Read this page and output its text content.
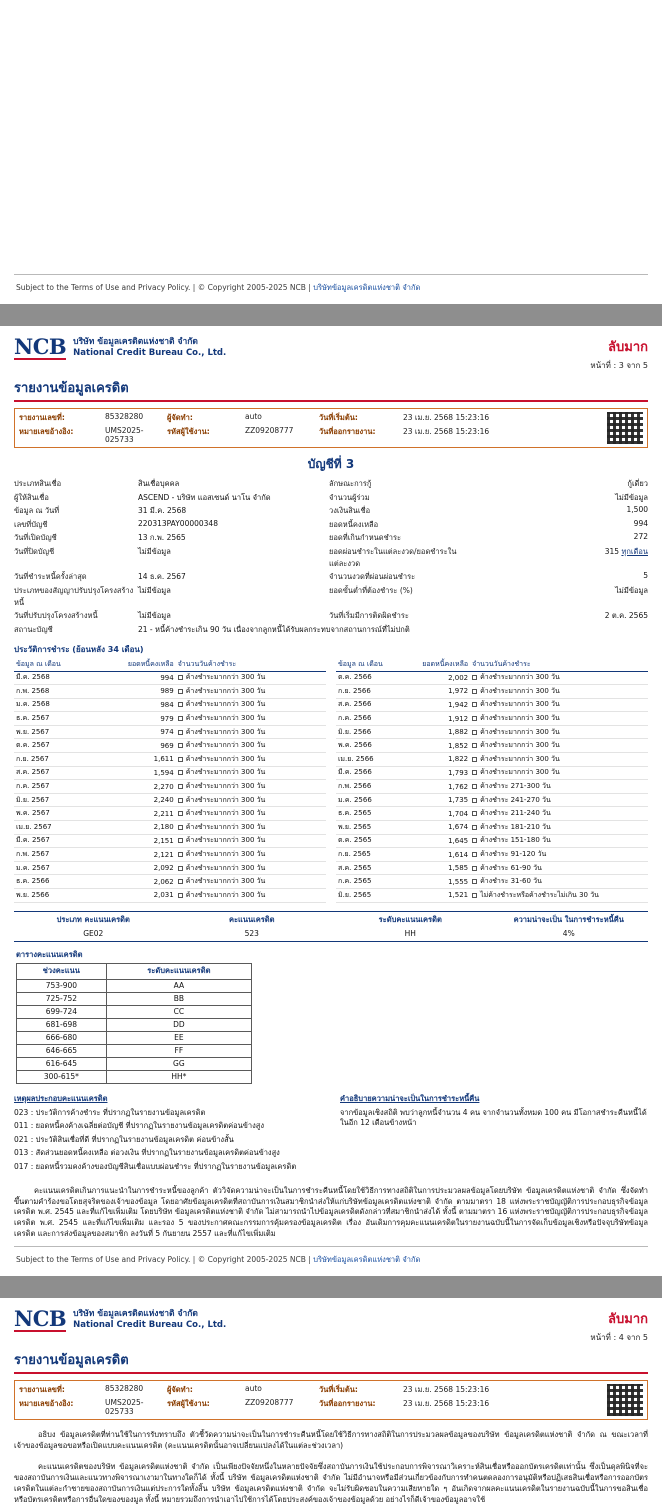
Subject to the Terms of Use and Privacy Policy. | © Copyright 2005-2025 NCB | บริษัทข้อมูลเครดิตแห่งชาติ จำกัด
NCB บริษัท ข้อมูลเครดิตแห่งชาติ จำกัด
National Credit Bureau Co., Ltd.	ลับมาก
หน้าที่ : 3 จาก 5
รายงานข้อมูลเครดิต
รายงานเลขที่:	85328280	ผู้จัดทำ:	auto	วันที่เริ่มต้น:	23 เม.ย. 2568 15:23:16
หมายเลขอ้างอิง:	UMS2025-025733
รหัสผู้ใช้งาน:	ZZ09208777	วันที่ออกรายงาน:	23 เม.ย. 2568 15:23:16
บัญชีที่ 3
ประเภทสินเชื่อ	สินเชื่อบุคคล	ลักษณะการกู้	กู้เดี่ยว
ผู้ให้สินเชื่อ	ASCEND - บริษัท แอสเซนด์ นาโน จำกัด	จำนวนผู้ร่วม	ไม่มีข้อมูล
ข้อมูล ณ วันที่	31 มี.ค. 2568	วงเงินสินเชื่อ	1,500
เลขที่บัญชี	220313PAY00000348	ยอดหนี้คงเหลือ	994
วันที่เปิดบัญชี	13 ก.พ. 2565	ยอดที่เกินกำหนดชำระ	272
วันที่ปิดบัญชี	ไม่มีข้อมูล	ยอดผ่อนชำระในแต่ละงวด/ยอดชำระในแต่ละงวด
315 ทุกเดือน
วันที่ชำระหนี้ครั้งล่าสุด	14 ธ.ค. 2567	จำนวนงวดที่ผ่อนผ่อนชำระ	5
ประเภทของสัญญาปรับปรุงโครงสร้างหนี้
ไม่มีข้อมูล	ยอดขั้นต่ำที่ต้องชำระ (%)	ไม่มีข้อมูล
วันที่ปรับปรุงโครงสร้างหนี้	ไม่มีข้อมูล	วันที่เริ่มมีการติดผิดชำระ	2 ต.ค. 2565
สถานะบัญชี	21 - หนี้ค้างชำระเกิน 90 วัน เนื่องจากลูกหนี้ได้รับผลกระทบจากสถานการณ์ที่ไม่ปกติ
ประวัติการชำระ (ย้อนหลัง 34 เดือน)
ข้อมูล ณ เดือน	ยอดหนี้คงเหลือ	จำนวนวันค้างชำระ
มี.ค. 2568	994	ค้างชำระมากกว่า 300 วัน
ก.พ. 2568	989	ค้างชำระมากกว่า 300 วัน
ม.ค. 2568	984	ค้างชำระมากกว่า 300 วัน
ธ.ค. 2567	979	ค้างชำระมากกว่า 300 วัน
พ.ย. 2567	974	ค้างชำระมากกว่า 300 วัน
ต.ค. 2567	969	ค้างชำระมากกว่า 300 วัน
ก.ย. 2567	1,611	ค้างชำระมากกว่า 300 วัน
ส.ค. 2567	1,594	ค้างชำระมากกว่า 300 วัน
ก.ค. 2567	2,270	ค้างชำระมากกว่า 300 วัน
มิ.ย. 2567	2,240	ค้างชำระมากกว่า 300 วัน
พ.ค. 2567	2,211	ค้างชำระมากกว่า 300 วัน
เม.ย. 2567	2,180	ค้างชำระมากกว่า 300 วัน
มี.ค. 2567	2,151	ค้างชำระมากกว่า 300 วัน
ก.พ. 2567	2,121	ค้างชำระมากกว่า 300 วัน
ม.ค. 2567	2,092	ค้างชำระมากกว่า 300 วัน
ธ.ค. 2566	2,062	ค้างชำระมากกว่า 300 วัน
พ.ย. 2566	2,031	ค้างชำระมากกว่า 300 วัน
ข้อมูล ณ เดือน	ยอดหนี้คงเหลือ	จำนวนวันค้างชำระ
ต.ค. 2566	2,002	ค้างชำระมากกว่า 300 วัน
ก.ย. 2566	1,972	ค้างชำระมากกว่า 300 วัน
ส.ค. 2566	1,942	ค้างชำระมากกว่า 300 วัน
ก.ค. 2566	1,912	ค้างชำระมากกว่า 300 วัน
มิ.ย. 2566	1,882	ค้างชำระมากกว่า 300 วัน
พ.ค. 2566	1,852	ค้างชำระมากกว่า 300 วัน
เม.ย. 2566	1,822	ค้างชำระมากกว่า 300 วัน
มี.ค. 2566	1,793	ค้างชำระมากกว่า 300 วัน
ก.พ. 2566	1,762	ค้างชำระ 271-300 วัน
ม.ค. 2566	1,735	ค้างชำระ 241-270 วัน
ธ.ค. 2565	1,704	ค้างชำระ 211-240 วัน
พ.ย. 2565	1,674	ค้างชำระ 181-210 วัน
ต.ค. 2565	1,645	ค้างชำระ 151-180 วัน
ก.ย. 2565	1,614	ค้างชำระ 91-120 วัน
ส.ค. 2565	1,585	ค้างชำระ 61-90 วัน
ก.ค. 2565	1,555	ค้างชำระ 31-60 วัน
มิ.ย. 2565	1,521	ไม่ค้างชำระหรือค้างชำระไม่เกิน 30 วัน
ประเภท คะแนนเครดิต
GE02
คะแนนเครดิต
523
ระดับคะแนนเครดิต
HH
ความน่าจะเป็น ในการชำระหนี้คืน
4%
ตารางคะแนนเครดิต
ช่วงคะแนน	ระดับคะแนนเครดิต
753-900	AA
725-752	BB
699-724	CC
681-698	DD
666-680	EE
646-665	FF
616-645	GG
300-615*	HH*
เหตุผลประกอบคะแนนเครดิต
023 : ประวัติการค้างชำระ ที่ปรากฏในรายงานข้อมูลเครดิต
011 : ยอดหนี้คงค้างเฉลี่ยต่อบัญชี ที่ปรากฏในรายงานข้อมูลเครดิตค่อนข้างสูง
021 : ประวัติสินเชื่อที่ดี ที่ปรากฏในรายงานข้อมูลเครดิต ค่อนข้างสั้น
013 : สัดส่วนยอดหนี้คงเหลือ ต่อวงเงิน ที่ปรากฏในรายงานข้อมูลเครดิตค่อนข้างสูง
017 : ยอดหนี้รวมคงค้างของบัญชีสินเชื่อแบบผ่อนชำระ ที่ปรากฏในรายงานข้อมูลเครดิต
คำอธิบายความน่าจะเป็นในการชำระหนี้คืน
จากข้อมูลเชิงสถิติ พบว่าลูกหนี้จำนวน 4 คน จากจำนวนทั้งหมด 100 คน มีโอกาสชำระคืนหนี้ได้ในอีก 12 เดือนข้างหน้า
คะแนนเครดิตเกินการแนะนำในการชำระหนี้ของลูกค้า ตัววิจัดความน่าจะเป็นในการชำระคืนหนี้โดยใช้วิธีการทางสถิติในการประมวลผลข้อมูลโดยบริษัท ข้อมูลเครดิตแห่งชาติ จำกัด ซึ่งจัดทำขึ้นตามคำร้องขอโดยสุจริตของเจ้าของข้อมูล โดยอาศัยข้อมูลเครดิตที่สถาบันการเงินสมาชิกนำส่งให้แก่บริษัทข้อมูลเครดิตแห่งชาติ จำกัด ตามมาตรา 18 แห่งพระราชบัญญัติการประกอบธุรกิจข้อมูลเครดิต พ.ศ. 2545 และที่แก้ไขเพิ่มเติม โดยบริษัท ข้อมูลเครดิตแห่งชาติ จำกัด ไม่สามารถนำไปข้อมูลเครดิตดังกล่าวที่สมาชิกนำส่งได้ ทั้งนี้ ตามมาตรา 16 แห่งพระราชบัญญัติการประกอบธุรกิจข้อมูลเครดิต พ.ศ. 2545 และที่แก้ไขเพิ่มเติม และรอง 5 ของประกาศคณะกรรมการคุ้มครองข้อมูลเครดิต เรื่อง อันเดิมการคุมคะแนนเครดิตในรายงานฉบับนี้ในการจัดเก็บข้อมูลเชิงหรือปัจจุบริษัทข้อมูลเครดิต และการส่งข้อมูลของสมาชิก ลงวันที่ 5 กันยายน 2557 และที่แก้ไขเพิ่มเติม
Subject to the Terms of Use and Privacy Policy. | © Copyright 2005-2025 NCB | บริษัทข้อมูลเครดิตแห่งชาติ จำกัด
NCB บริษัท ข้อมูลเครดิตแห่งชาติ จำกัด
National Credit Bureau Co., Ltd.	ลับมาก
หน้าที่ : 4 จาก 5
รายงานข้อมูลเครดิต
รายงานเลขที่:	85328280	ผู้จัดทำ:	auto	วันที่เริ่มต้น:	23 เม.ย. 2568 15:23:16
หมายเลขอ้างอิง:	UMS2025-025733
รหัสผู้ใช้งาน:	ZZ09208777	วันที่ออกรายงาน:	23 เม.ย. 2568 15:23:16
อธิบง ข้อมูลเครดิตที่ท่านใช้ในการรับทราบถึง ตัวชี้วัดความน่าจะเป็นในการชำระคืนหนี้โดยใช้วิธีการทางสถิติในการประมวลผลข้อมูลของบริษัท ข้อมูลเครดิตแห่งชาติ จำกัด ณ ขณะเวลาที่เจ้าของข้อมูลขอขอหรือเปิดแบบคะแนนเครดิต (คะแนนเครดิตนั้นอาจเปลี่ยนแปลงได้ในแต่ละช่วงเวลา)
คะแนนเครดิตของบริษัท ข้อมูลเครดิตแห่งชาติ จำกัด เป็นเพียงปัจจัยหนึ่งในหลายปัจจัยซึ่งสถาบันการเงินใช้ประกอบการพิจารณาวิเคราะห์สินเชื่อหรือออกบัตรเครดิตเท่านั้น ซึ่งเป็นดุลพินิจที่จะของสถาบันการเงินและแนวทางพิจารณาเงามาในทางใดก็ได้ ทั้งนี้ บริษัท ข้อมูลเครดิตแห่งชาติ จำกัด ไม่มีอำนาจหรือมีส่วนเกี่ยวข้องกับการทำคนตดลองการอนุมัติหรือปฏิเสธสินเชื่อหรือการออกบัตรเครดิตในแต่ละกำชายของสถาบันการเงินแต่ประการใดทั้งสิ้น บริษัท ข้อมูลเครดิตแห่งชาติ จำกัด จะไม่รับผิดชอบในความเสียหายใด ๆ อันเกิดจากผลคะแนนเครดิตในรายงานฉบับนี้ในการขอสินเชื่อหรือบัตรเครดิตหรือการอื่นใดของของมูล ทั้งนี้ หมายรวมถึงการนำเอาไปใช้การได้โดยประสงค์ของเจ้าของข้อมูลด้วย อย่างไรก็ดีเจ้าของข้อมูลอาจใช้
